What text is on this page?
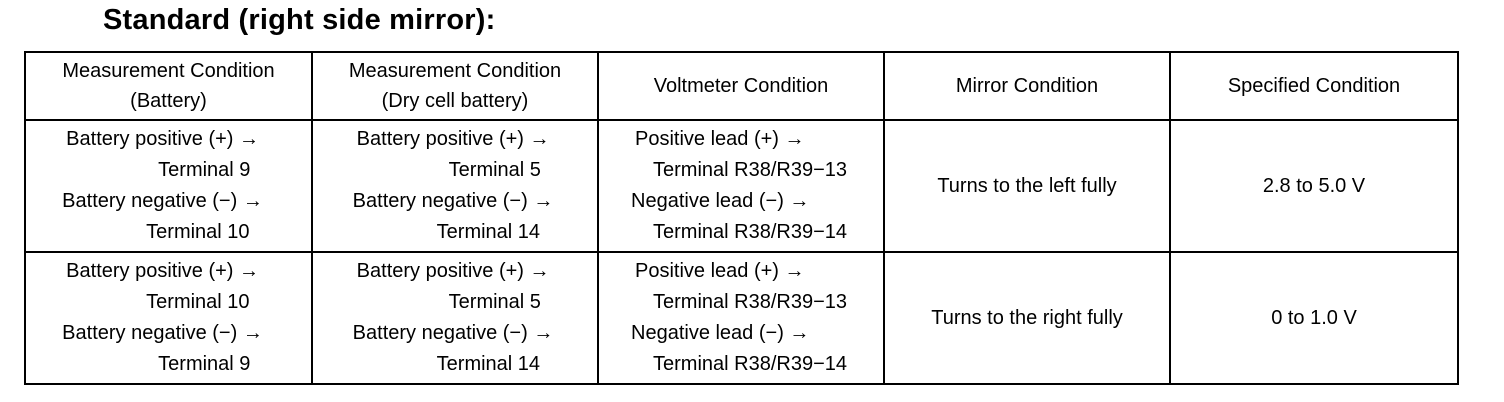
Standard (right side mirror):
Measurement Condition
(Battery)	Measurement Condition
(Dry cell battery)	Voltmeter Condition	Mirror Condition	Specified Condition

Battery positive (+) →
Terminal 9
Battery negative (−) →
Terminal 10	Battery positive (+) →
Terminal 5
Battery negative (−) →
Terminal 14	Positive lead (+) →
Terminal R38/R39−13
Negative lead (−) →
Terminal R38/R39−14	Turns to the left fully	2.8 to 5.0 V

Battery positive (+) →
Terminal 10
Battery negative (−) →
Terminal 9	Battery positive (+) →
Terminal 5
Battery negative (−) →
Terminal 14	Positive lead (+) →
Terminal R38/R39−13
Negative lead (−) →
Terminal R38/R39−14	Turns to the right fully	0 to 1.0 V
